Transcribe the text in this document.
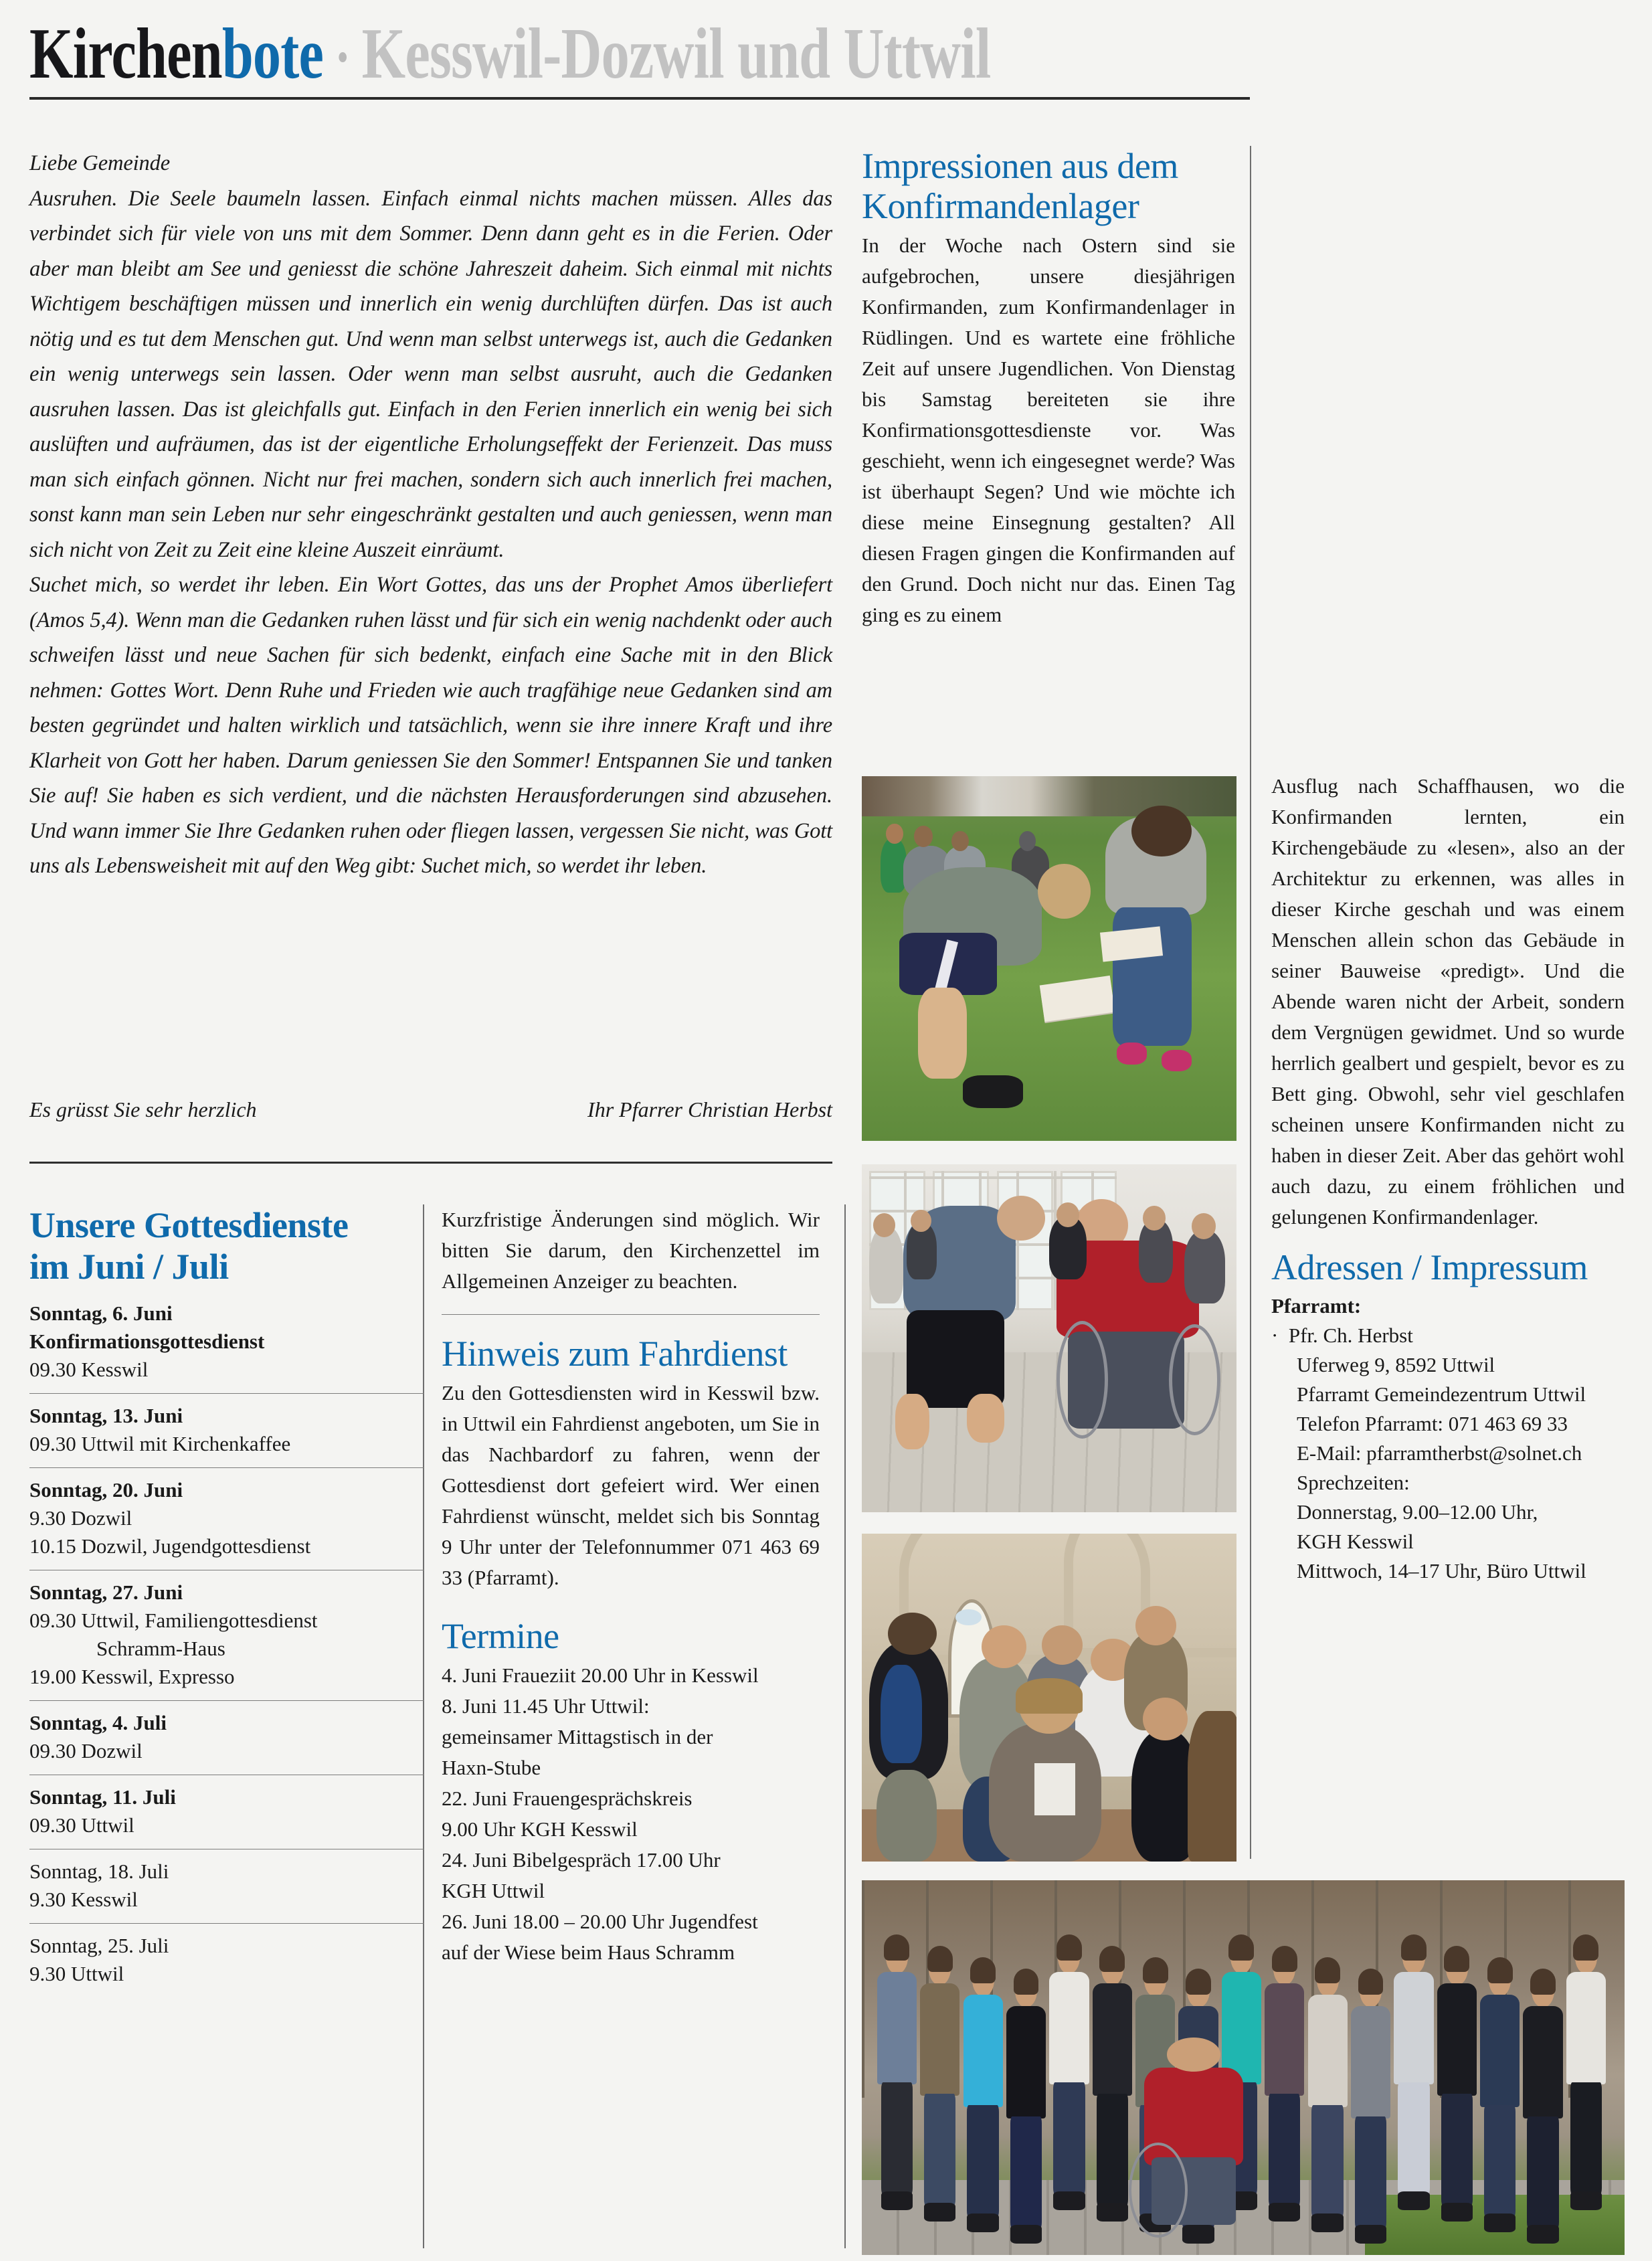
Kirchen bote · Kesswil-Dozwil und Uttwil

Liebe Gemeinde

Ausruhen. Die Seele baumeln lassen. Einfach einmal nichts machen müssen. Alles das verbindet sich für viele von uns mit dem Sommer. Denn dann geht es in die Ferien. Oder aber man bleibt am See und geniesst die schöne Jahreszeit daheim. Sich einmal mit nichts Wichtigem beschäftigen müssen und innerlich ein wenig durchlüften dürfen. Das ist auch nötig und es tut dem Menschen gut. Und wenn man selbst unterwegs ist, auch die Gedanken ein wenig unterwegs sein lassen. Oder wenn man selbst ausruht, auch die Gedanken ausruhen lassen. Das ist gleichfalls gut. Einfach in den Ferien innerlich ein wenig bei sich auslüften und aufräumen, das ist der eigentliche Erholungseffekt der Ferienzeit. Das muss man sich einfach gönnen. Nicht nur frei machen, sondern sich auch innerlich frei machen, sonst kann man sein Leben nur sehr eingeschränkt gestalten und auch geniessen, wenn man sich nicht von Zeit zu Zeit eine kleine Auszeit einräumt.

Suchet mich, so werdet ihr leben. Ein Wort Gottes, das uns der Prophet Amos überliefert (Amos 5,4). Wenn man die Gedanken ruhen lässt und für sich ein wenig nachdenkt oder auch schweifen lässt und neue Sachen für sich bedenkt, einfach eine Sache mit in den Blick nehmen: Gottes Wort. Denn Ruhe und Frieden wie auch tragfähige neue Gedanken sind am besten gegründet und halten wirklich und tatsächlich, wenn sie ihre innere Kraft und ihre Klarheit von Gott her haben. Darum geniessen Sie den Sommer! Entspannen Sie und tanken Sie auf! Sie haben es sich verdient, und die nächsten Herausforderungen sind abzusehen. Und wann immer Sie Ihre Gedanken ruhen oder fliegen lassen, vergessen Sie nicht, was Gott uns als Lebensweisheit mit auf den Weg gibt: Suchet mich, so werdet ihr leben.

Es grüsst Sie sehr herzlich	Ihr Pfarrer Christian Herbst
Unsere Gottesdienste
im Juni / Juli

Sonntag, 6. Juni

Konfirmationsgottesdienst

09.30 Kesswil

Sonntag, 13. Juni

09.30 Uttwil mit Kirchenkaffee

Sonntag, 20. Juni

9.30 Dozwil

10.15 Dozwil, Jugendgottesdienst

Sonntag, 27. Juni

09.30 Uttwil, Familiengottesdienst

Schramm-Haus

19.00 Kesswil, Expresso

Sonntag, 4. Juli

09.30 Dozwil

Sonntag, 11. Juli

09.30 Uttwil

Sonntag, 18. Juli

9.30 Kesswil

Sonntag, 25. Juli

9.30 Uttwil

Kurzfristige Änderungen sind möglich. Wir bitten Sie darum, den Kirchenzettel im Allgemeinen Anzeiger zu beachten.

Hinweis zum Fahrdienst

Zu den Gottesdiensten wird in Kesswil bzw. in Uttwil ein Fahrdienst angeboten, um Sie in das Nachbardorf zu fahren, wenn der Gottesdienst dort gefeiert wird. Wer einen Fahrdienst wünscht, meldet sich bis Sonntag 9 Uhr unter der Telefonnummer 071 463 69 33 (Pfarramt).

Termine

4. Juni Fraueziit 20.00 Uhr in Kesswil

8. Juni 11.45 Uhr Uttwil:

gemeinsamer Mittagstisch in der

Haxn-Stube

22. Juni Frauengesprächskreis

9.00 Uhr KGH Kesswil

24. Juni Bibelgespräch 17.00 Uhr

KGH Uttwil

26. Juni 18.00 – 20.00 Uhr Jugendfest

auf der Wiese beim Haus Schramm

Impressionen aus dem
Konfirmandenlager

In der Woche nach Ostern sind sie aufgebrochen, unsere diesjährigen Konfirmanden, zum Konfirmandenlager in Rüdlingen. Und es wartete eine fröhliche Zeit auf unsere Jugendlichen. Von Dienstag bis Samstag bereiteten sie ihre Konfirmationsgottesdienste vor. Was geschieht, wenn ich eingesegnet werde? Was ist überhaupt Segen? Und wie möchte ich diese meine Einsegnung gestalten? All diesen Fragen gingen die Konfirmanden auf den Grund. Doch nicht nur das. Einen Tag ging es zu einem

Ausflug nach Schaffhausen, wo die Konfirmanden lernten, ein Kirchengebäude zu «lesen», also an der Architektur zu erkennen, was alles in dieser Kirche geschah und was einem Menschen allein schon das Gebäude in seiner Bauweise «predigt». Und die Abende waren nicht der Arbeit, sondern dem Vergnügen gewidmet. Und so wurde herrlich gealbert und gespielt, bevor es zu Bett ging. Obwohl, sehr viel geschlafen scheinen unsere Konfirmanden nicht zu haben in dieser Zeit. Aber das gehört wohl auch dazu, zu einem fröhlichen und gelungenen Konfirmandenlager.

Adressen / Impressum

Pfarramt:

·  Pfr. Ch. Herbst

Uferweg 9, 8592 Uttwil

Pfarramt Gemeindezentrum Uttwil

Telefon Pfarramt: 071 463 69 33

E-Mail: pfarramtherbst@solnet.ch

Sprechzeiten:

Donnerstag, 9.00–12.00 Uhr,

KGH Kesswil

Mittwoch, 14–17 Uhr, Büro Uttwil
